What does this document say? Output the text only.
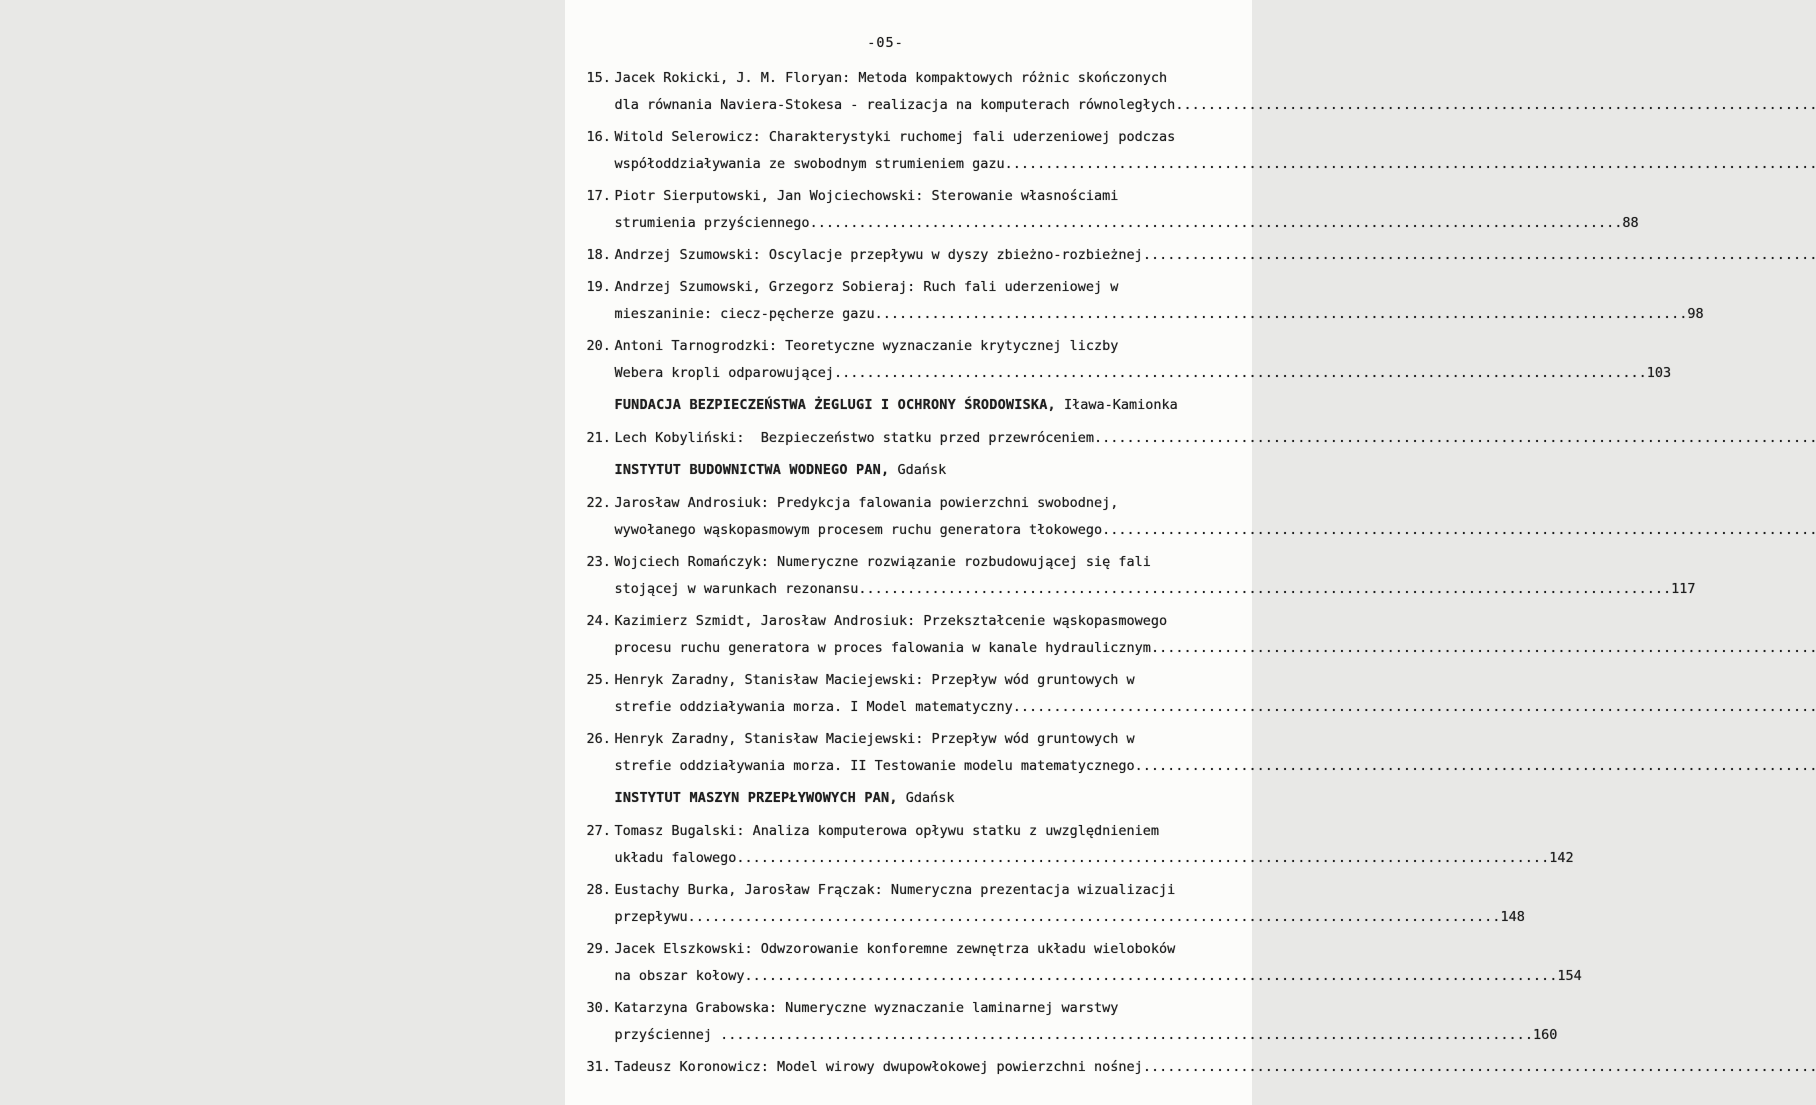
-05-
15. Jacek Rokicki, J. M. Floryan: Metoda kompaktowych różnic skończonych
dla równania Naviera-Stokesa - realizacja na komputerach równoległych
.....
16. Witold Selerowicz: Charakterystyki ruchomej fali uderzeniowej podczas
współoddziaływania ze swobodnym strumieniem gazu
.....
17. Piotr Sierputowski, Jan Wojciechowski: Sterowanie własnościami
strumienia przyściennego .....	88
18. Andrzej Szumowski: Oscylacje przepływu w dyszy zbieżno-rozbieżnej
.....
19. Andrzej Szumowski, Grzegorz Sobieraj: Ruch fali uderzeniowej w
mieszaninie: ciecz-pęcherze gazu .....	98
20. Antoni Tarnogrodzki: Teoretyczne wyznaczanie krytycznej liczby
Webera kropli odparowującej .....	103
FUNDACJA BEZPIECZEŃSTWA ŻEGLUGI I OCHRONY ŚRODOWISKA, Iława-Kamionka
21. Lech Kobyliński:  Bezpieczeństwo statku przed przewróceniem
.....
INSTYTUT BUDOWNICTWA WODNEGO PAN, Gdańsk
22. Jarosław Androsiuk: Predykcja falowania powierzchni swobodnej,
wywołanego wąskopasmowym procesem ruchu generatora tłokowego
.....
23. Wojciech Romańczyk: Numeryczne rozwiązanie rozbudowującej się fali
stojącej w warunkach rezonansu .....	117
24. Kazimierz Szmidt, Jarosław Androsiuk: Przekształcenie wąskopasmowego
procesu ruchu generatora w proces falowania w kanale hydraulicznym
.....
25. Henryk Zaradny, Stanisław Maciejewski: Przepływ wód gruntowych w
strefie oddziaływania morza. I Model matematyczny
.....
26. Henryk Zaradny, Stanisław Maciejewski: Przepływ wód gruntowych w
strefie oddziaływania morza. II Testowanie modelu matematycznego
.....
INSTYTUT MASZYN PRZEPŁYWOWYCH PAN, Gdańsk
27. Tomasz Bugalski: Analiza komputerowa opływu statku z uwzględnieniem
układu falowego .....	142
28. Eustachy Burka, Jarosław Frączak: Numeryczna prezentacja wizualizacji
przepływu .....	148
29. Jacek Elszkowski: Odwzorowanie konforemne zewnętrza układu wieloboków
na obszar kołowy .....	154
30. Katarzyna Grabowska: Numeryczne wyznaczanie laminarnej warstwy
przyściennej .....	160
31. Tadeusz Koronowicz: Model wirowy dwupowłokowej powierzchni nośnej
.....
